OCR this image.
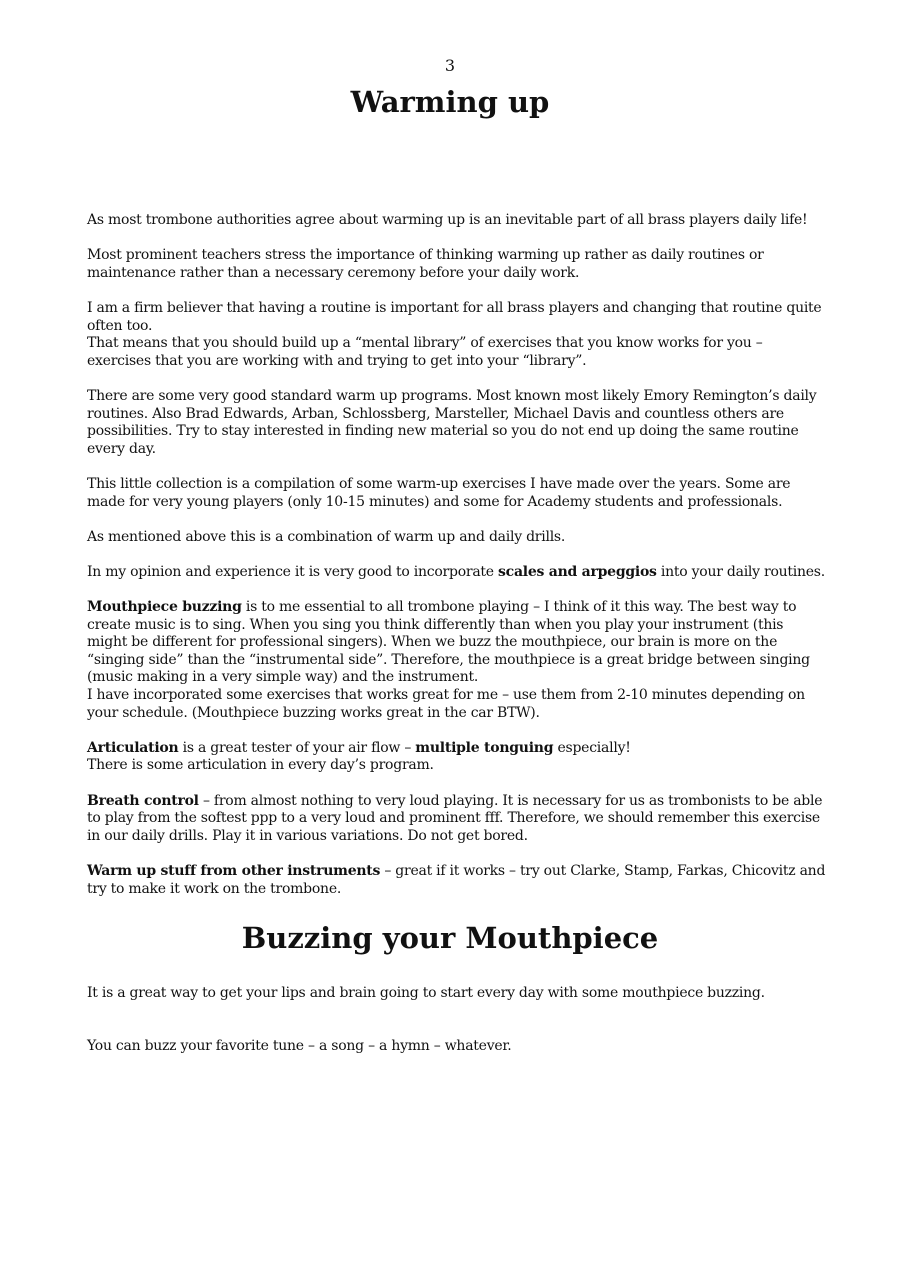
3
Warming up

As most trombone authorities agree about warming up is an inevitable part of all brass players daily life!

Most prominent teachers stress the importance of thinking warming up rather as daily routines or maintenance rather than a necessary ceremony before your daily work.

I am a firm believer that having a routine is important for all brass players and changing that routine quite often too.

That means that you should build up a “mental library” of exercises that you know works for you – exercises that you are working with and trying to get into your “library”.

There are some very good standard warm up programs. Most known most likely Emory Remington’s daily routines. Also Brad Edwards, Arban, Schlossberg, Marsteller, Michael Davis and countless others are possibilities. Try to stay interested in finding new material so you do not end up doing the same routine every day.

This little collection is a compilation of some warm-up exercises I have made over the years. Some are made for very young players (only 10-15 minutes) and some for Academy students and professionals.

As mentioned above this is a combination of warm up and daily drills.

In my opinion and experience it is very good to incorporate scales and arpeggios into your daily routines.

Mouthpiece buzzing is to me essential to all trombone playing – I think of it this way. The best way to create music is to sing. When you sing you think differently than when you play your instrument (this might be different for professional singers). When we buzz the mouthpiece, our brain is more on the “singing side” than the “instrumental side”. Therefore, the mouthpiece is a great bridge between singing (music making in a very simple way) and the instrument.

I have incorporated some exercises that works great for me – use them from 2-10 minutes depending on your schedule. (Mouthpiece buzzing works great in the car BTW).

Articulation is a great tester of your air flow – multiple tonguing especially!

There is some articulation in every day’s program.

Breath control – from almost nothing to very loud playing. It is necessary for us as trombonists to be able to play from the softest ppp to a very loud and prominent fff. Therefore, we should remember this exercise in our daily drills. Play it in various variations. Do not get bored.

Warm up stuff from other instruments – great if it works – try out Clarke, Stamp, Farkas, Chicovitz and try to make it work on the trombone.

Buzzing your Mouthpiece
It is a great way to get your lips and brain going to start every day with some mouthpiece buzzing.
You can buzz your favorite tune – a song – a hymn – whatever.
